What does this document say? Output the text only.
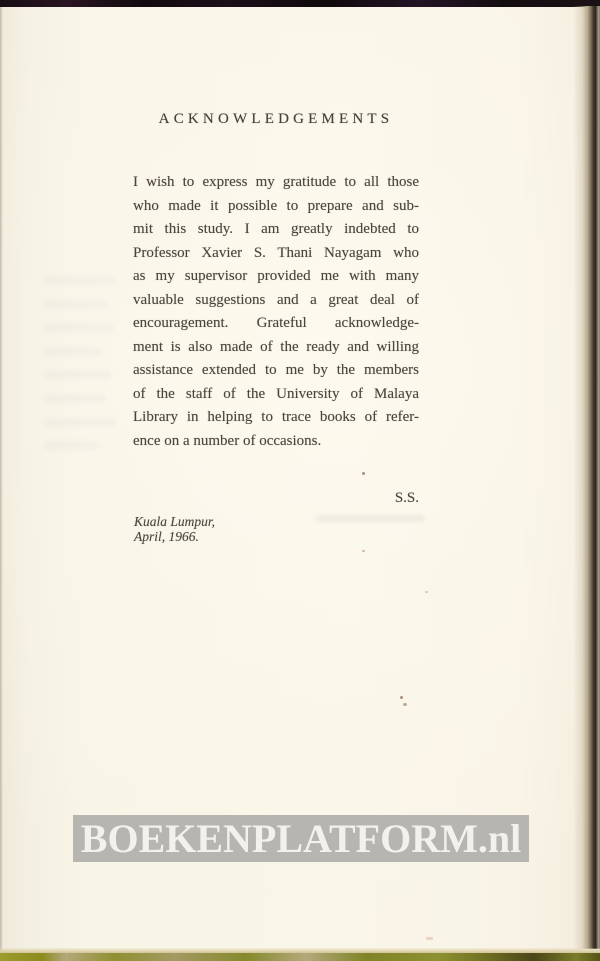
ACKNOWLEDGEMENTS
I wish to express my gratitude to all those
who made it possible to prepare and sub-
mit this study. I am greatly indebted to
Professor Xavier S. Thani Nayagam who
as my supervisor provided me with many
valuable suggestions and a great deal of
encouragement. Grateful acknowledge-
ment is also made of the ready and willing
assistance extended to me by the members
of the staff of the University of Malaya
Library in helping to trace books of refer-
ence on a number of occasions.
S.S.
Kuala Lumpur,
April, 1966.
BOEKENPLATFORM.nl
